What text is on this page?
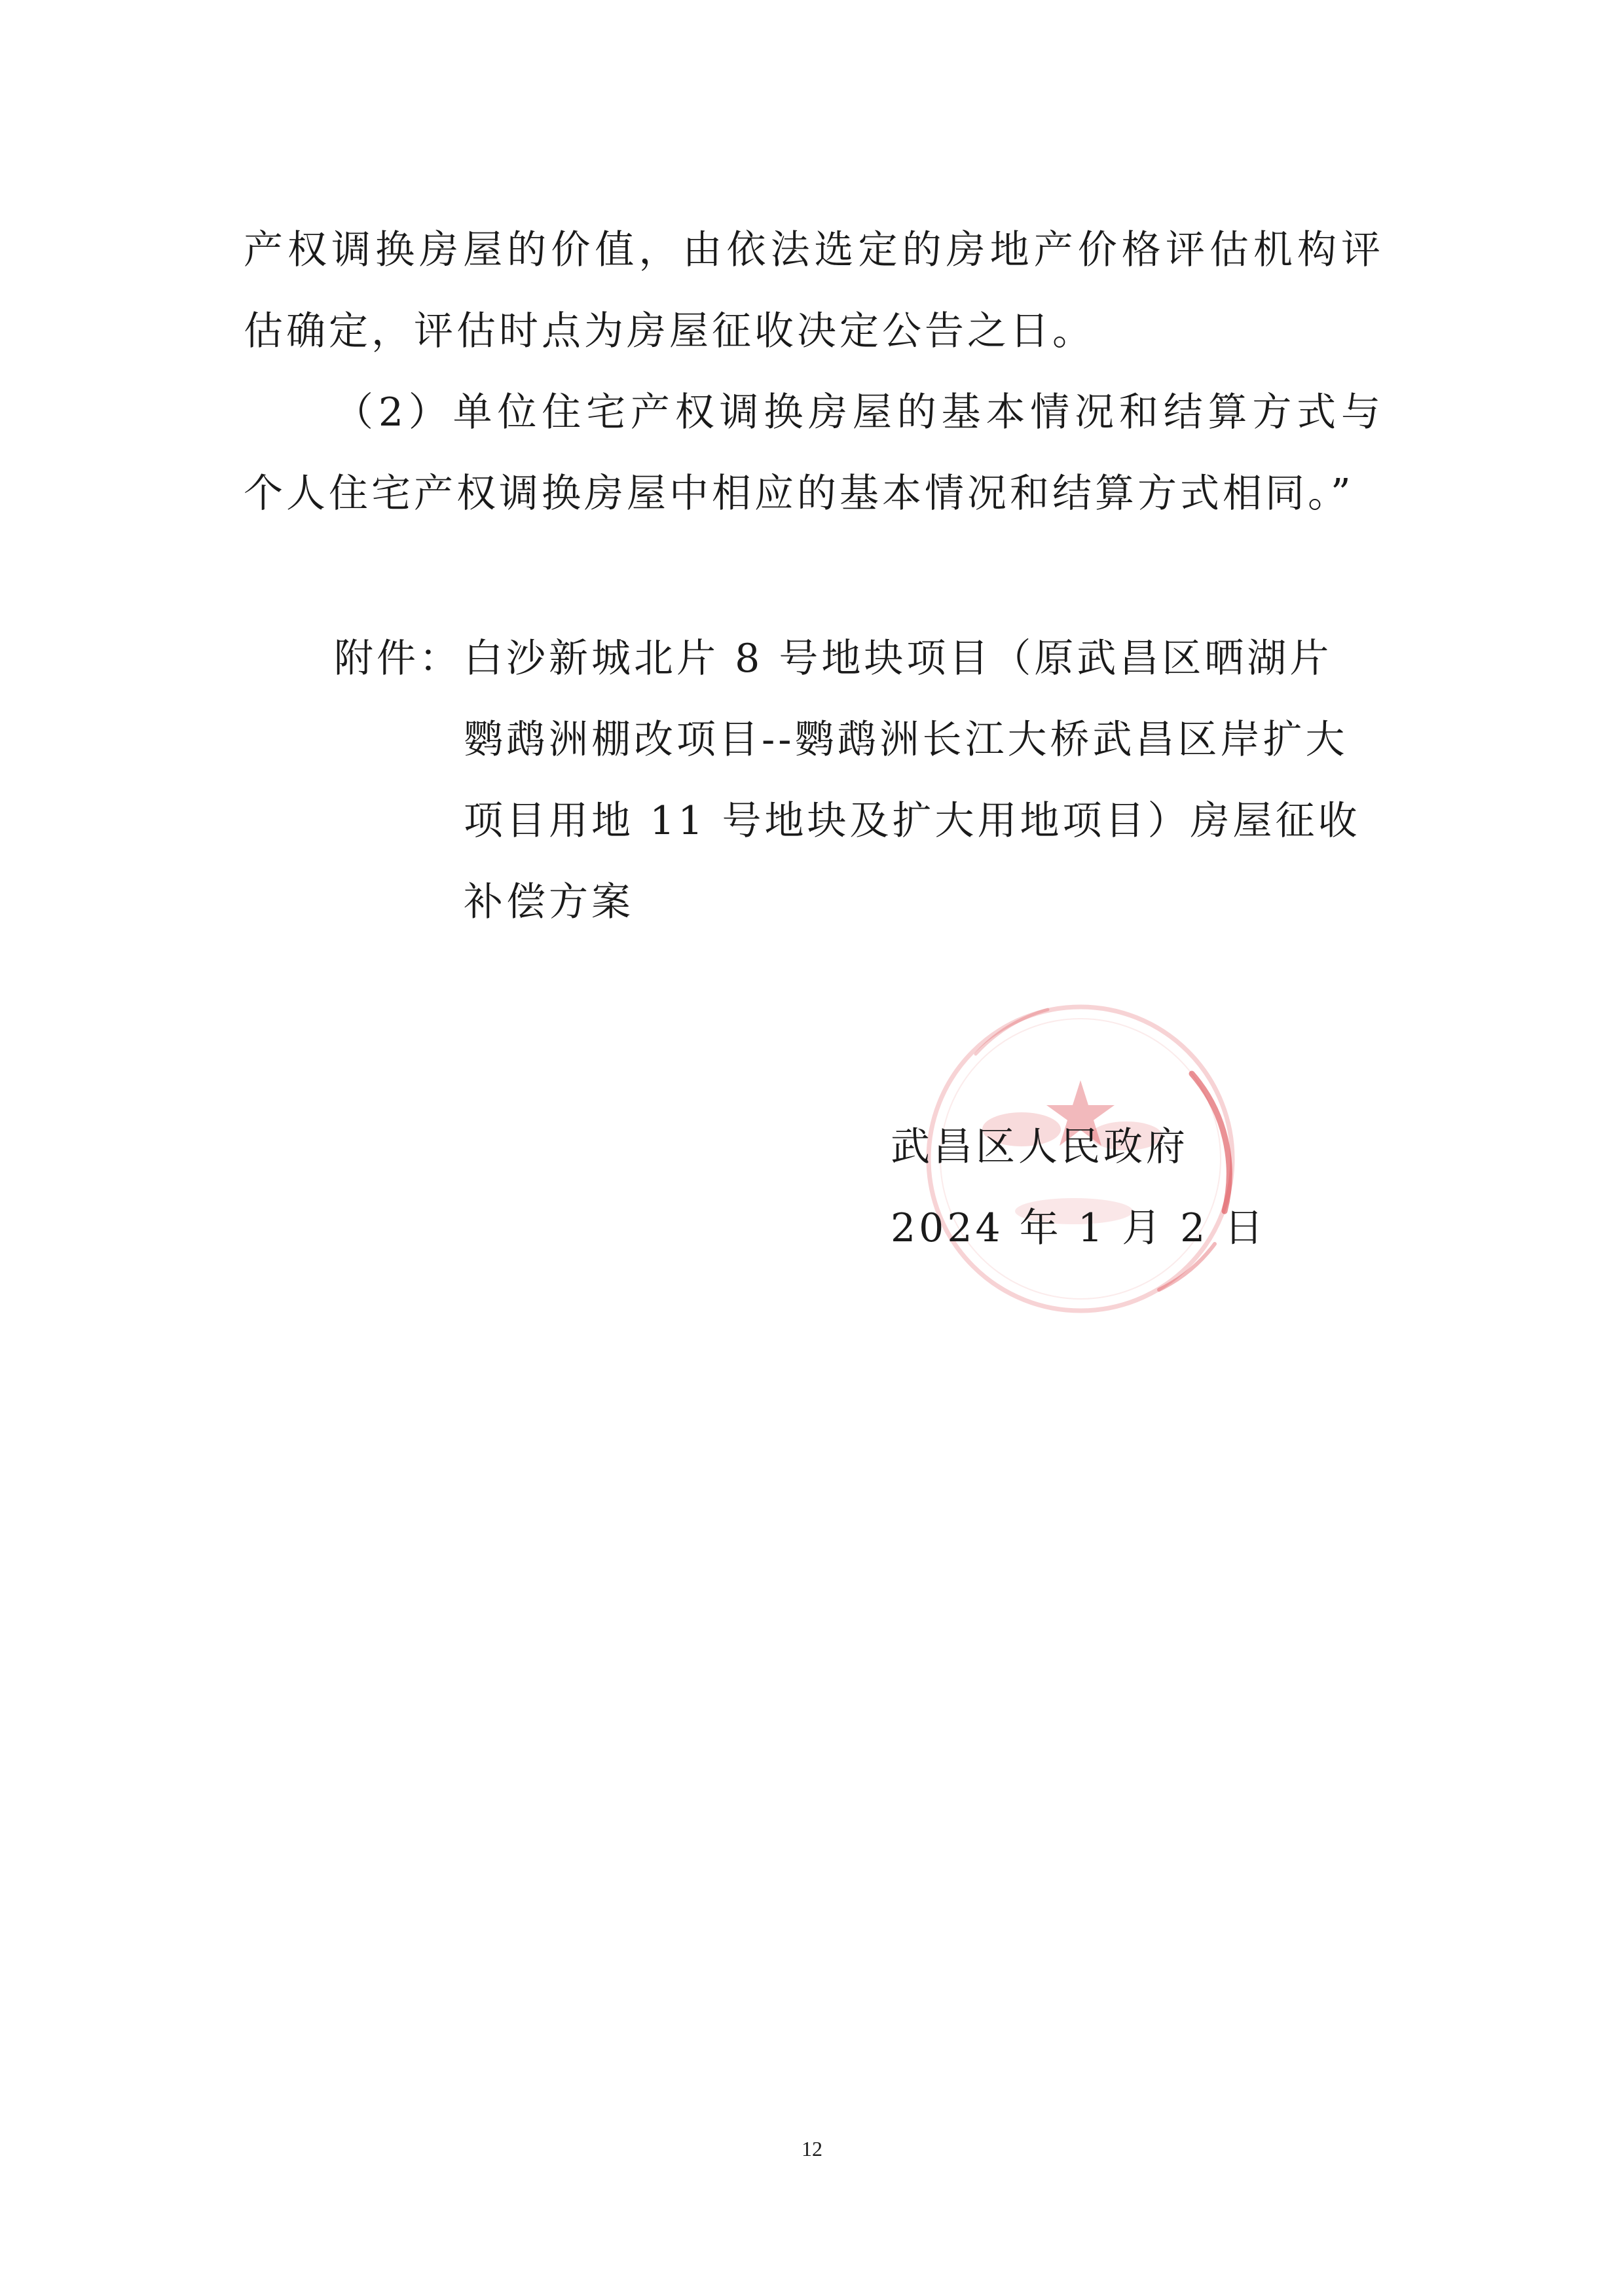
产权调换房屋的价值，由依法选定的房地产价格评估机构评
估确定，评估时点为房屋征收决定公告之日。
（2）单位住宅产权调换房屋的基本情况和结算方式与
个人住宅产权调换房屋中相应的基本情况和结算方式相同。”
附件： 白沙新城北片 8 号地块项目（原武昌区晒湖片
鹦鹉洲棚改项目--鹦鹉洲长江大桥武昌区岸扩大
项目用地 11 号地块及扩大用地项目）房屋征收
补偿方案
武昌区人民政府
2024 年 1 月 2 日
12
